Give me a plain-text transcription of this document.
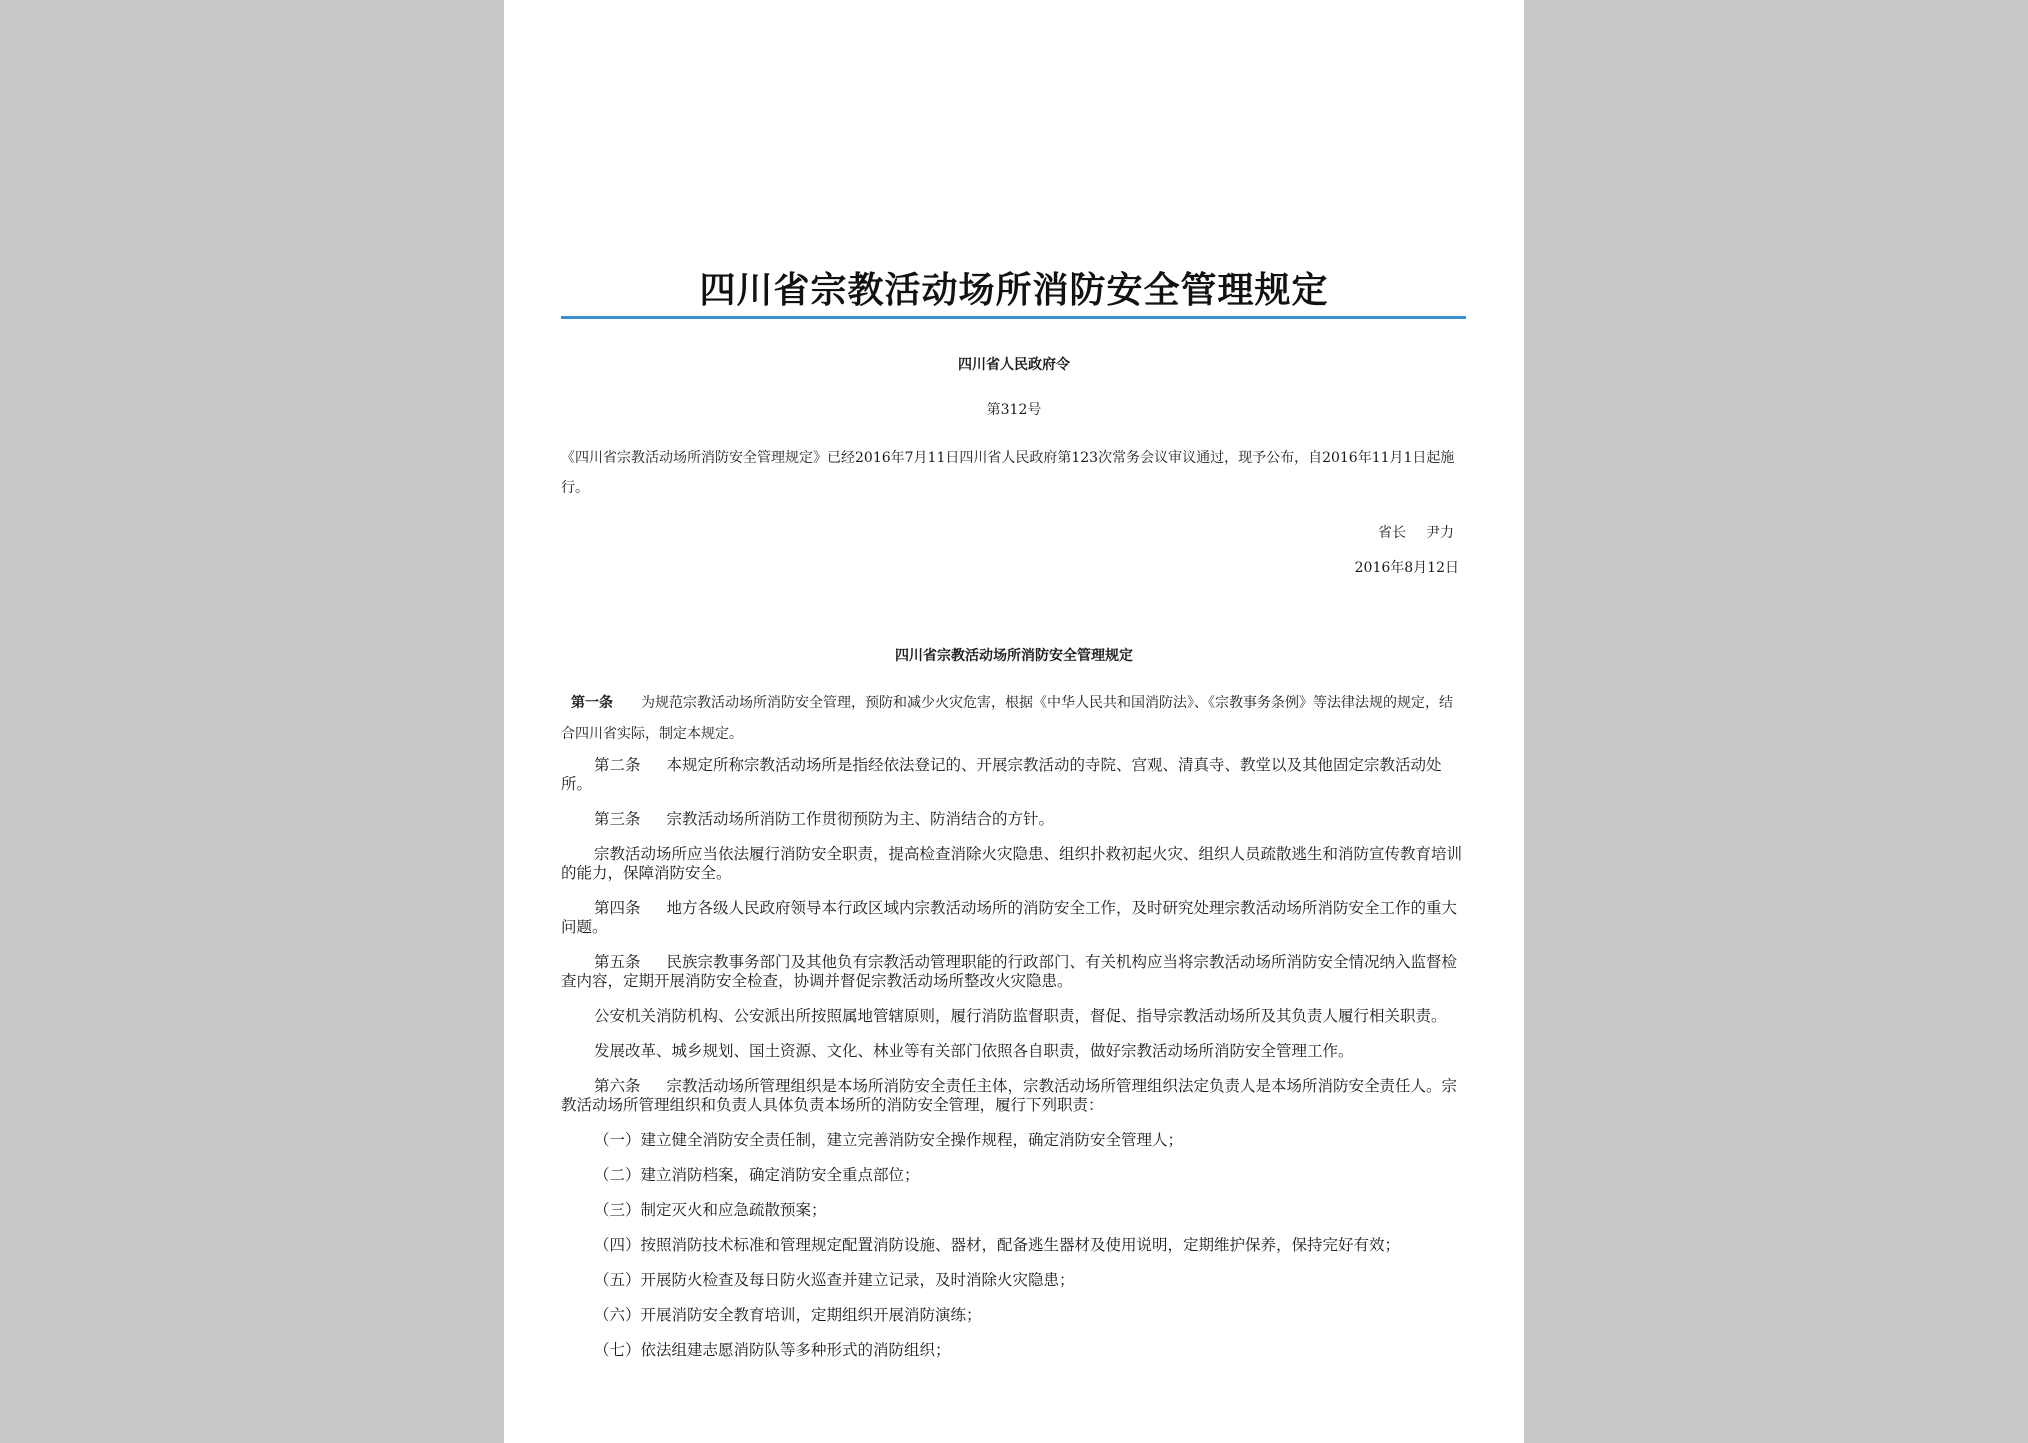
四川省宗教活动场所消防安全管理规定
四川省人民政府令
第312号
《四川省宗教活动场所消防安全管理规定》已经2016年7月11日四川省人民政府第123次常务会议审议通过，现予公布，自2016年11月1日起施行。
省长 尹力
2016年8月12日
四川省宗教活动场所消防安全管理规定
第一条 为规范宗教活动场所消防安全管理，预防和减少火灾危害，根据《中华人民共和国消防法》、《宗教事务条例》等法律法规的规定，结合四川省实际，制定本规定。
第二条 本规定所称宗教活动场所是指经依法登记的、开展宗教活动的寺院、宫观、清真寺、教堂以及其他固定宗教活动处所。
第三条 宗教活动场所消防工作贯彻预防为主、防消结合的方针。
宗教活动场所应当依法履行消防安全职责，提高检查消除火灾隐患、组织扑救初起火灾、组织人员疏散逃生和消防宣传教育培训的能力，保障消防安全。
第四条 地方各级人民政府领导本行政区域内宗教活动场所的消防安全工作，及时研究处理宗教活动场所消防安全工作的重大问题。
第五条 民族宗教事务部门及其他负有宗教活动管理职能的行政部门、有关机构应当将宗教活动场所消防安全情况纳入监督检查内容，定期开展消防安全检查，协调并督促宗教活动场所整改火灾隐患。
公安机关消防机构、公安派出所按照属地管辖原则，履行消防监督职责，督促、指导宗教活动场所及其负责人履行相关职责。
发展改革、城乡规划、国土资源、文化、林业等有关部门依照各自职责，做好宗教活动场所消防安全管理工作。
第六条 宗教活动场所管理组织是本场所消防安全责任主体，宗教活动场所管理组织法定负责人是本场所消防安全责任人。宗教活动场所管理组织和负责人具体负责本场所的消防安全管理，履行下列职责：
（一）建立健全消防安全责任制，建立完善消防安全操作规程，确定消防安全管理人；
（二）建立消防档案，确定消防安全重点部位；
（三）制定灭火和应急疏散预案；
（四）按照消防技术标准和管理规定配置消防设施、器材，配备逃生器材及使用说明，定期维护保养，保持完好有效；
（五）开展防火检查及每日防火巡查并建立记录，及时消除火灾隐患；
（六）开展消防安全教育培训，定期组织开展消防演练；
（七）依法组建志愿消防队等多种形式的消防组织；
